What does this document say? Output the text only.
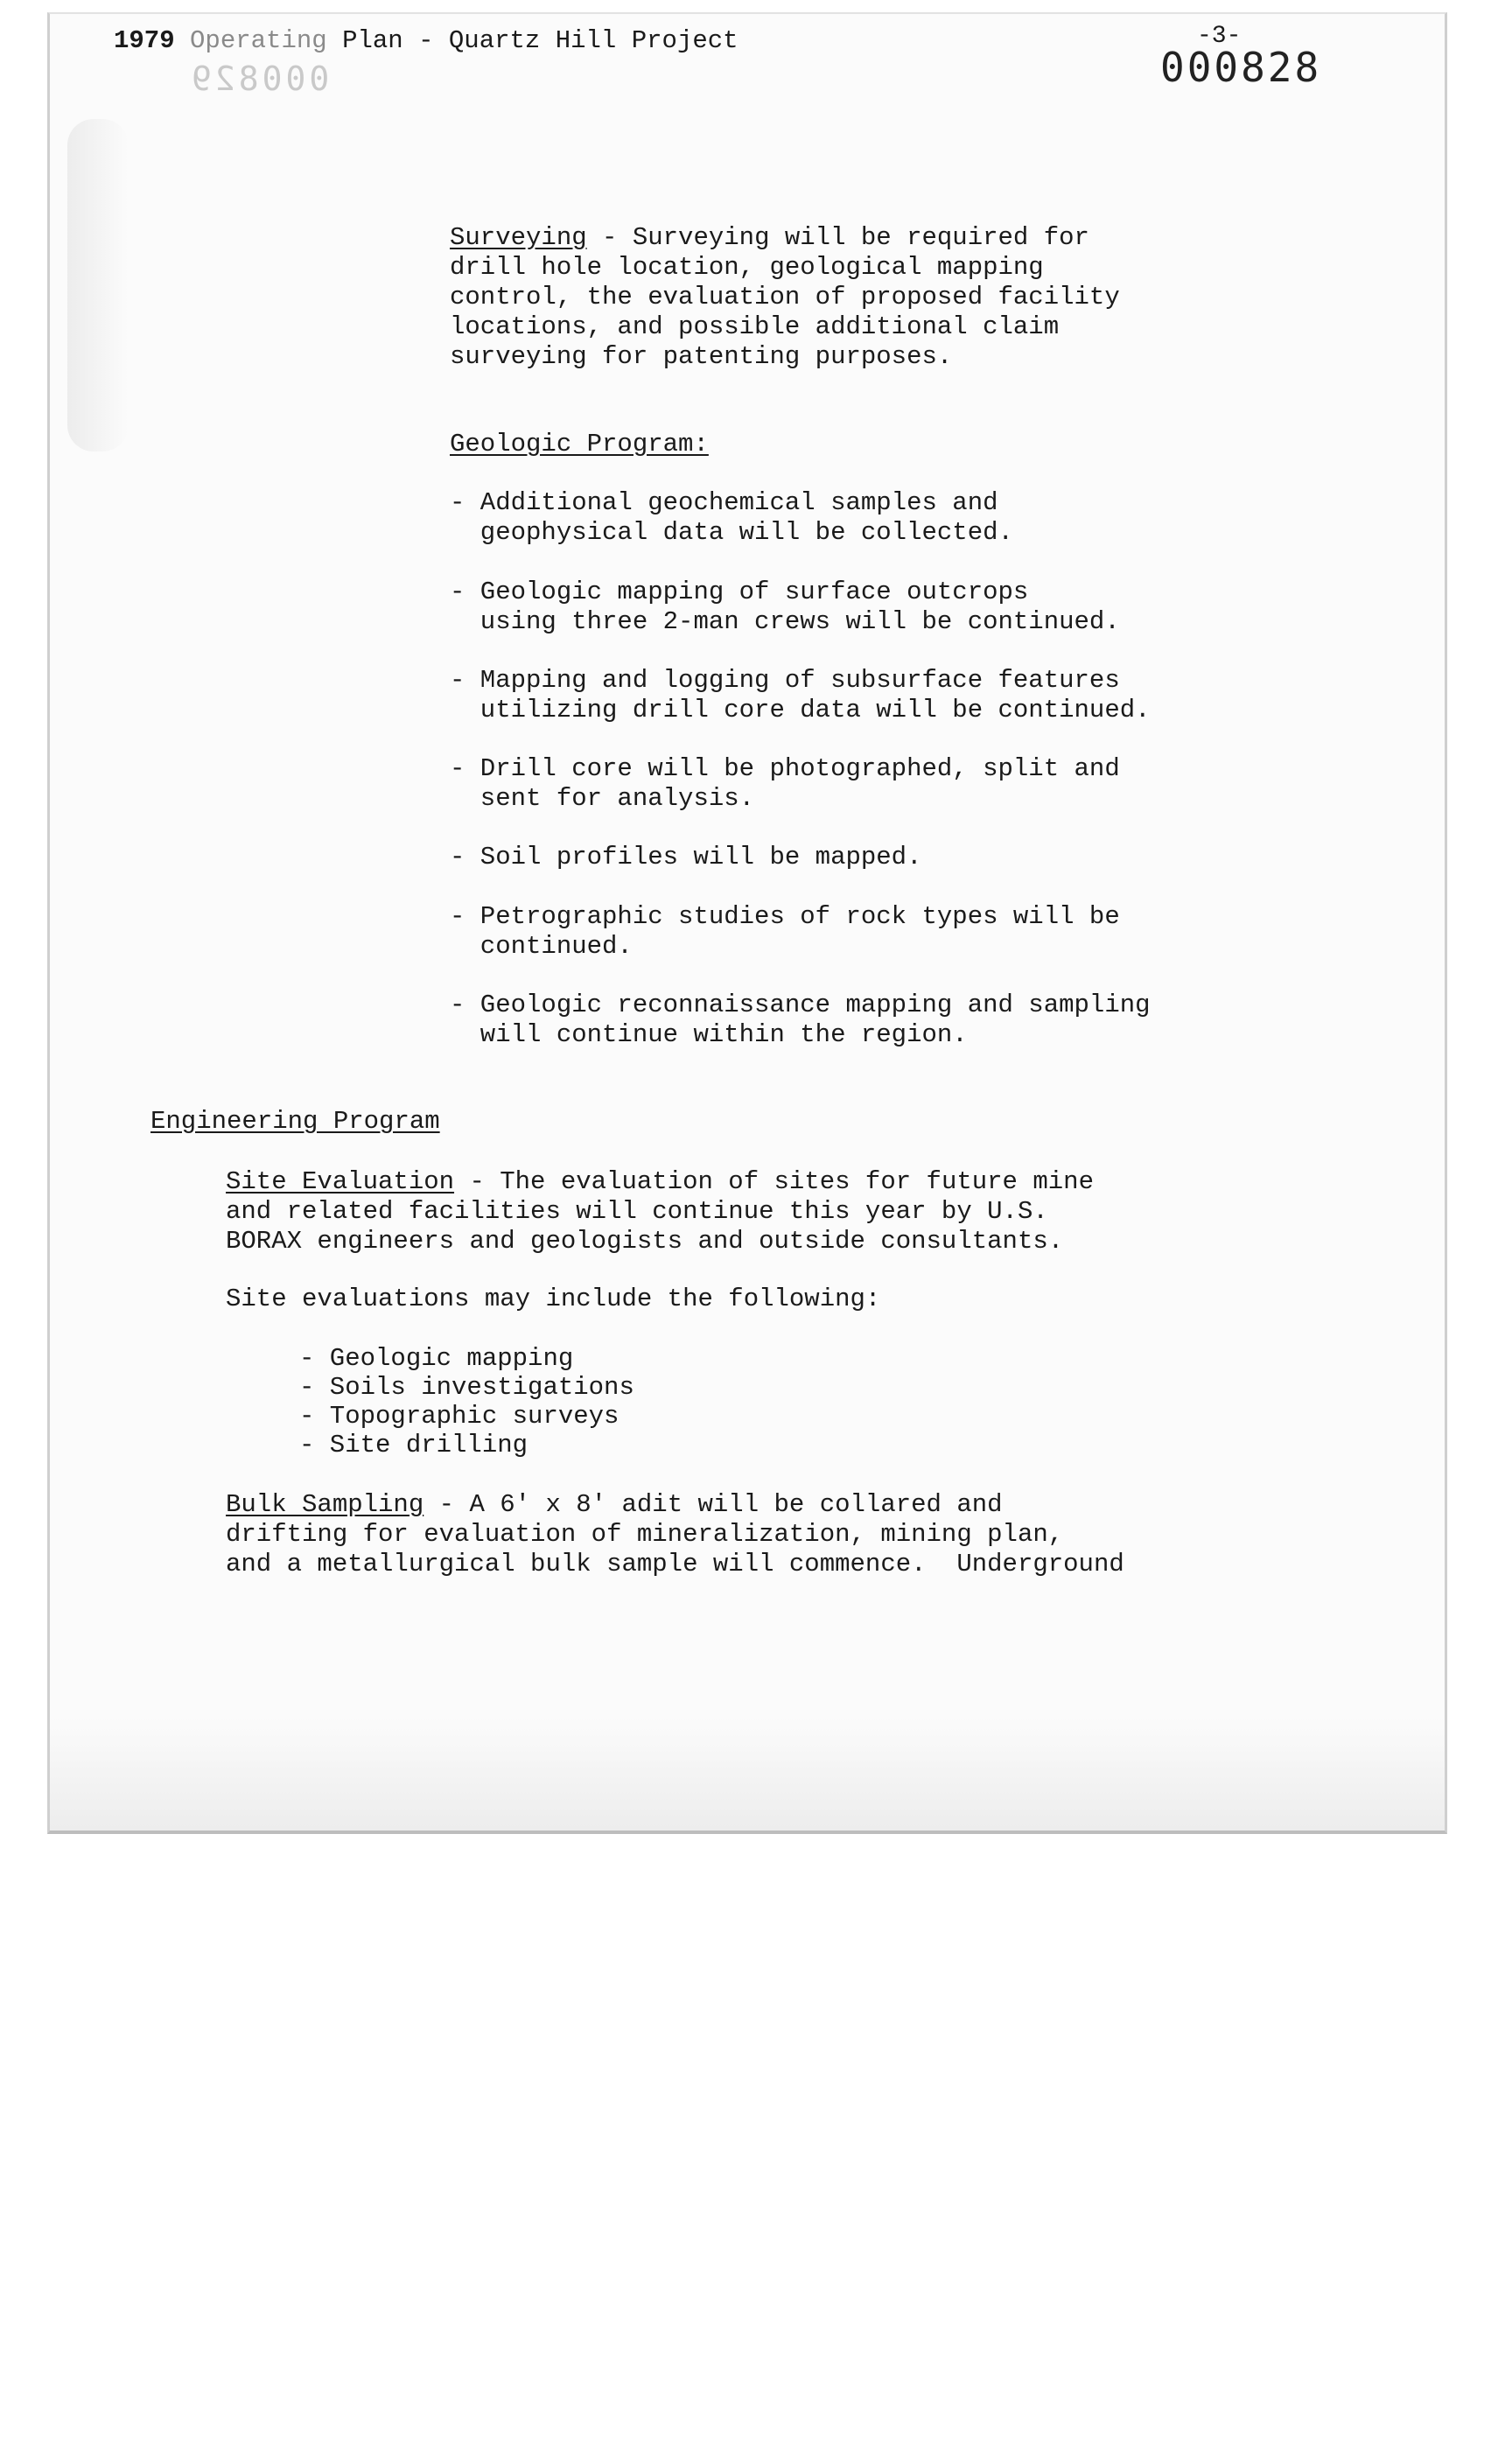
000829
1979 Operating Plan - Quartz Hill Project	-3-
000828
Surveying - Surveying will be required for
drill hole location, geological mapping
control, the evaluation of proposed facility
locations, and possible additional claim
surveying for patenting purposes.
Geologic Program:
- Additional geochemical samples and
geophysical data will be collected.
- Geologic mapping of surface outcrops
using three 2-man crews will be continued.
- Mapping and logging of subsurface features
utilizing drill core data will be continued.
- Drill core will be photographed, split and
sent for analysis.
- Soil profiles will be mapped.
- Petrographic studies of rock types will be
continued.
- Geologic reconnaissance mapping and sampling
will continue within the region.
Engineering Program
Site Evaluation - The evaluation of sites for future mine
and related facilities will continue this year by U.S.
BORAX engineers and geologists and outside consultants.
Site evaluations may include the following:
- Geologic mapping
- Soils investigations
- Topographic surveys
- Site drilling
Bulk Sampling - A 6' x 8' adit will be collared and
drifting for evaluation of mineralization, mining plan,
and a metallurgical bulk sample will commence.  Underground
